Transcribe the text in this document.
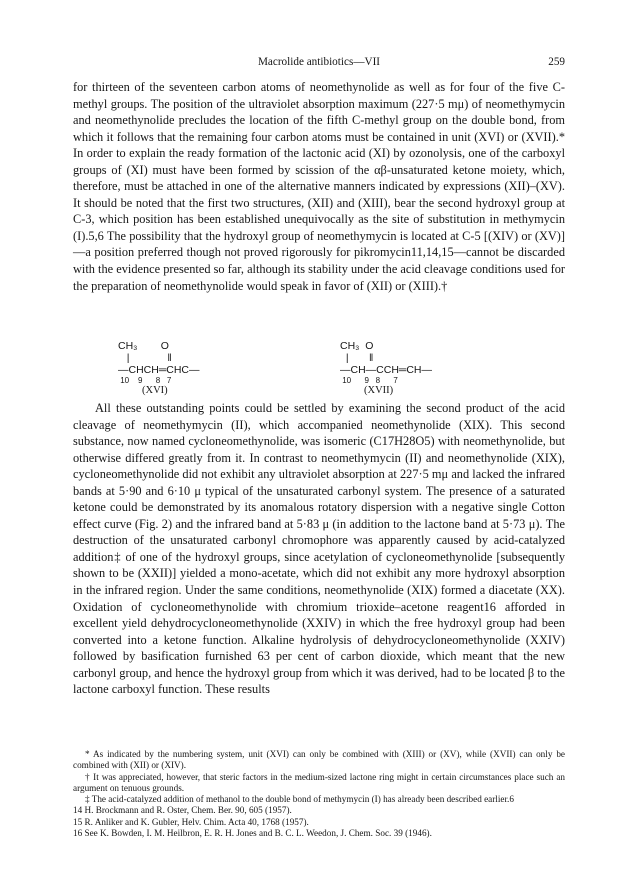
Macrolide antibiotics—VII	259

for thirteen of the seventeen carbon atoms of neomethynolide as well as for four of the five C-methyl groups. The position of the ultraviolet absorption maximum (227·5 mμ) of neomethymycin and neomethynolide precludes the location of the fifth C-methyl group on the double bond, from which it follows that the remaining four carbon atoms must be contained in unit (XVI) or (XVII).* In order to explain the ready formation of the lactonic acid (XI) by ozonolysis, one of the carboxyl groups of (XI) must have been formed by scission of the αβ-unsaturated ketone moiety, which, therefore, must be attached in one of the alternative manners indicated by expressions (XII)–(XV). It should be noted that the first two structures, (XII) and (XIII), bear the second hydroxyl group at C-3, which position has been established unequivocally as the site of substitution in methymycin (I).5,6 The possibility that the hydroxyl group of neomethymycin is located at C-5 [(XIV) or (XV)]—a position preferred though not proved rigorously for pikromycin11,14,15—cannot be discarded with the evidence presented so far, although its stability under the acid cleavage conditions used for the preparation of neomethynolide would speak in favor of (XII) or (XIII).†

CH₃        O
|             ‖
—CHCH═CHC—
10    9      8   7
(XVI)
CH₃  O
|       ‖
—CH—CCH═CH—
10      9   8      7
(XVII)

All these outstanding points could be settled by examining the second product of the acid cleavage of neomethymycin (II), which accompanied neomethynolide (XIX). This second substance, now named cycloneomethynolide, was isomeric (C17H28O5) with neomethynolide, but otherwise differed greatly from it. In contrast to neomethymycin (II) and neomethynolide (XIX), cycloneomethynolide did not exhibit any ultraviolet absorption at 227·5 mμ and lacked the infrared bands at 5·90 and 6·10 μ typical of the unsaturated carbonyl system. The presence of a saturated ketone could be demonstrated by its anomalous rotatory dispersion with a negative single Cotton effect curve (Fig. 2) and the infrared band at 5·83 μ (in addition to the lactone band at 5·73 μ). The destruction of the unsaturated carbonyl chromophore was apparently caused by acid-catalyzed addition‡ of one of the hydroxyl groups, since acetylation of cycloneomethynolide [subsequently shown to be (XXII)] yielded a mono-acetate, which did not exhibit any more hydroxyl absorption in the infrared region. Under the same conditions, neomethynolide (XIX) formed a diacetate (XX). Oxidation of cycloneomethynolide with chromium trioxide–acetone reagent16 afforded in excellent yield dehydrocycloneomethynolide (XXIV) in which the free hydroxyl group had been converted into a ketone function. Alkaline hydrolysis of dehydrocycloneomethynolide (XXIV) followed by basification furnished 63 per cent of carbon dioxide, which meant that the new carbonyl group, and hence the hydroxyl group from which it was derived, had to be located β to the lactone carboxyl function. These results

* As indicated by the numbering system, unit (XVI) can only be combined with (XIII) or (XV), while (XVII) can only be combined with (XII) or (XIV).

† It was appreciated, however, that steric factors in the medium-sized lactone ring might in certain circumstances place such an argument on tenuous grounds.

‡ The acid-catalyzed addition of methanol to the double bond of methymycin (I) has already been described earlier.6

14 H. Brockmann and R. Oster, Chem. Ber. 90, 605 (1957).

15 R. Anliker and K. Gubler, Helv. Chim. Acta 40, 1768 (1957).

16 See K. Bowden, I. M. Heilbron, E. R. H. Jones and B. C. L. Weedon, J. Chem. Soc. 39 (1946).
